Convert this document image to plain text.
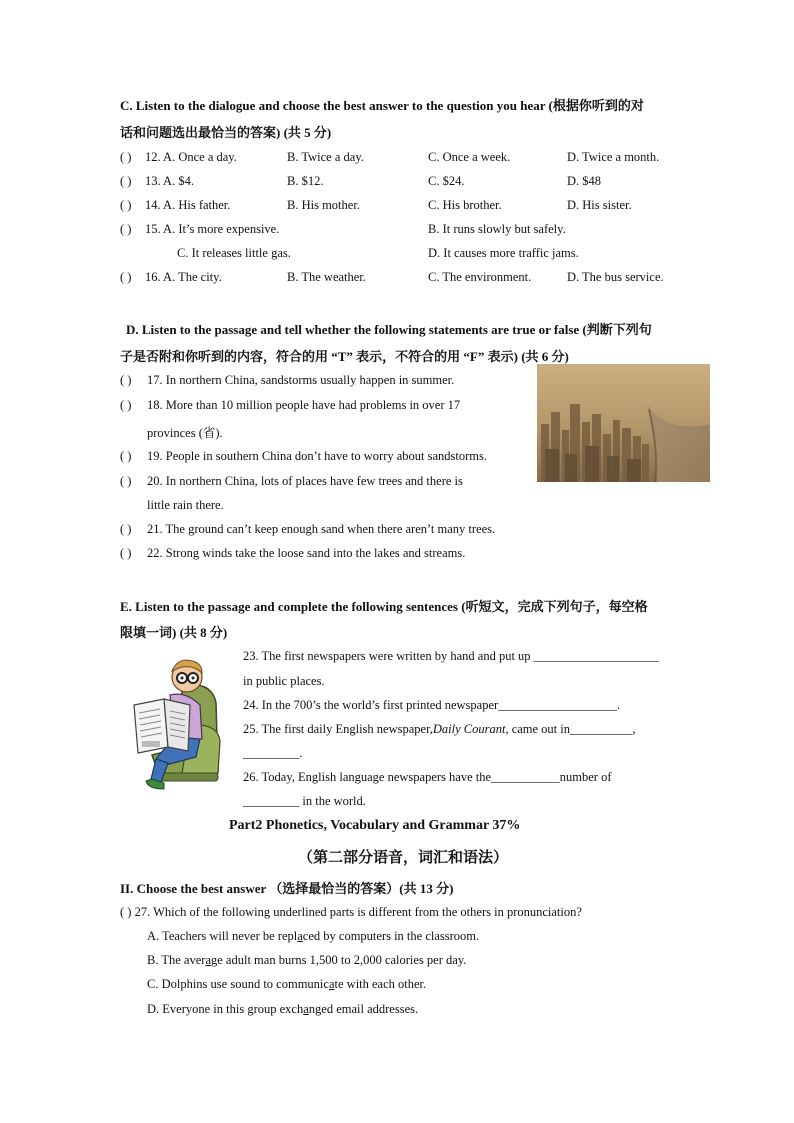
C. Listen to the dialogue and choose the best answer to the question you hear (根据你听到的对
话和问题选出最恰当的答案) (共 5 分)
( ) 12. A. Once a day.	B. Twice a day.	C. Once a week.	D. Twice a month.
( ) 13. A. $4.	B. $12.	C. $24.	D. $48
( ) 14. A. His father.	B. His mother.	C. His brother.	D. His sister.
( ) 15. A. It’s more expensive.	B. It runs slowly but safely.
C. It releases little gas.	D. It causes more traffic jams.
( ) 16. A. The city.	B. The weather.	C. The environment.	D. The bus service.
D. Listen to the passage and tell whether the following statements are true or false (判断下列句
子是否附和你听到的内容，符合的用 “T” 表示，不符合的用 “F” 表示) (共 6 分)
( ) 17. In northern China, sandstorms usually happen in summer.
( ) 18. More than 10 million people have had problems in over 17
provinces (省).
( ) 19. People in southern China don’t have to worry about sandstorms.
( ) 20. In northern China, lots of places have few trees and there is
little rain there.
( ) 21. The ground can’t keep enough sand when there aren’t many trees.
( ) 22. Strong winds take the loose sand into the lakes and streams.
E. Listen to the passage and complete the following sentences (听短文，完成下列句子，每空格
限填一词) (共 8 分)
23. The first newspapers were written by hand and put up ____________________
in public places.
24. In the 700’s the world’s first printed newspaper___________________.
25. The first daily English newspaper,Daily Courant, came out in__________,
_________.
26. Today, English language newspapers have the___________number of
_________ in the world.
Part2 Phonetics, Vocabulary and Grammar 37%
（第二部分语音，词汇和语法）
II. Choose the best answer （选择最恰当的答案）(共 13 分)
( ) 27. Which of the following underlined parts is different from the others in pronunciation?
A. Teachers will never be replaced by computers in the classroom.
B. The average adult man burns 1,500 to 2,000 calories per day.
C. Dolphins use sound to communicate with each other.
D. Everyone in this group exchanged email addresses.
